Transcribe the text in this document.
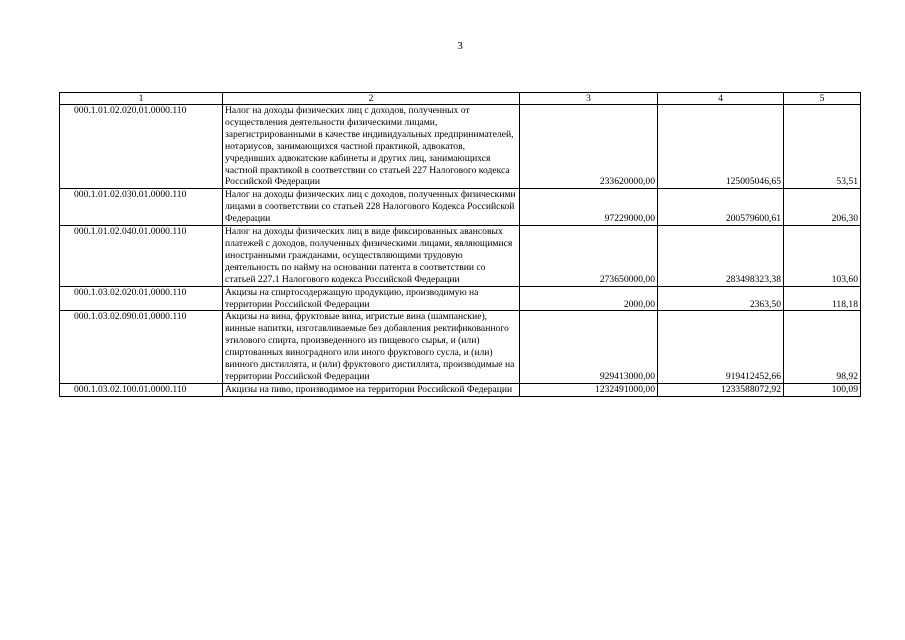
3
1	2	3	4	5
000.1.01.02.020.01.0000.110	Налог на доходы физических лиц с доходов, полученных от осуществления деятельности физическими лицами, зарегистрированными в качестве индивидуальных предпринимателей, нотариусов, занимающихся частной практикой, адвокатов, учредивших адвокатские кабинеты и других лиц, занимающихся частной практикой в соответствии со статьей 227 Налогового кодекса Российской Федерации	233620000,00	125005046,65	53,51
000.1.01.02.030.01.0000.110	Налог на доходы физических лиц с доходов, полученных физическими лицами в соответствии со статьей 228 Налогового Кодекса Российской Федерации	97229000,00	200579600,61	206,30
000.1.01.02.040.01.0000.110	Налог на доходы физических лиц в виде фиксированных авансовых платежей с доходов, полученных физическими лицами, являющимися иностранными гражданами, осуществляющими трудовую деятельность по найму на основании патента в соответствии со статьей 227.1 Налогового кодекса Российской Федерации	273650000,00	283498323,38	103,60
000.1.03.02.020.01.0000.110	Акцизы на спиртосодержащую продукцию, производимую на территории Российской Федерации	2000,00	2363,50	118,18
000.1.03.02.090.01.0000.110	Акцизы на вина, фруктовые вина, игристые вина (шампанские), винные напитки, изготавливаемые без добавления ректификованного этилового спирта, произведенного из пищевого сырья, и (или) спиртованных виноградного или иного фруктового сусла, и (или) винного дистиллята, и (или) фруктового дистиллята, производимые на территории Российской Федерации	929413000,00	919412452,66	98,92
000.1.03.02.100.01.0000.110	Акцизы на пиво, производимое на территории Российской Федерации	1232491000,00	1233588072,92	100,09
